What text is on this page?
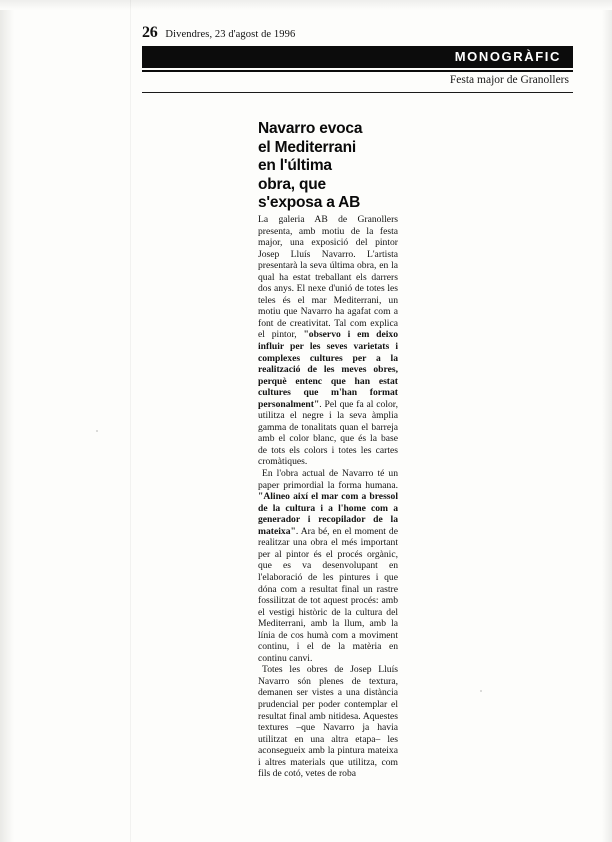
26 Divendres, 23 d'agost de 1996
MONOGRÀFIC
Festa major de Granollers
Navarro evoca
el Mediterrani
en l'última
obra, que
s'exposa a AB

La galeria AB de Granollers presenta, amb motiu de la festa major, una exposició del pintor Josep Lluís Navarro. L'artista presentarà la seva última obra, en la qual ha estat treballant els darrers dos anys. El nexe d'unió de totes les teles és el mar Mediterrani, un motiu que Navarro ha agafat com a font de creativitat. Tal com explica el pintor, "observo i em deixo influir per les seves varietats i complexes cultures per a la realització de les meves obres, perquè entenc que han estat cultures que m'han format personalment". Pel que fa al color, utilitza el negre i la seva àmplia gamma de tonalitats quan el barreja amb el color blanc, que és la base de tots els colors i totes les cartes cromàtiques.

En l'obra actual de Navarro té un paper primordial la forma humana. "Alineo així el mar com a bressol de la cultura i a l'home com a generador i recopilador de la mateixa". Ara bé, en el moment de realitzar una obra el més important per al pintor és el procés orgànic, que es va desenvolupant en l'elaboració de les pintures i que dóna com a resultat final un rastre fossilitzat de tot aquest procés: amb el vestigi històric de la cultura del Mediterrani, amb la llum, amb la línia de cos humà com a moviment continu, i el de la matèria en continu canvi.

Totes les obres de Josep Lluís Navarro són plenes de textura, demanen ser vistes a una distància prudencial per poder contemplar el resultat final amb nitidesa. Aquestes textures –que Navarro ja havia utilitzat en una altra etapa– les aconsegueix amb la pintura mateixa i altres materials que utilitza, com fils de cotó, vetes de roba
